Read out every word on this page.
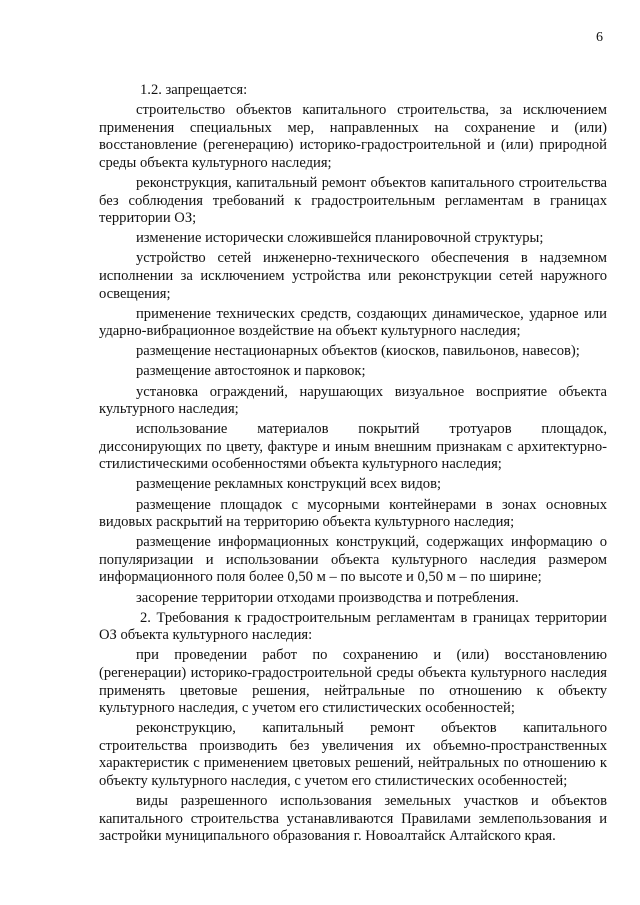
6

1.2. запрещается:

строительство объектов капитального строительства, за исключением применения специальных мер, направленных на сохранение и (или) восстановление (регенерацию) историко-градостроительной и (или) природной среды объекта культурного наследия;

реконструкция, капитальный ремонт объектов капитального строительства без соблюдения требований к градостроительным регламентам в границах территории ОЗ;

изменение исторически сложившейся планировочной структуры;

устройство сетей инженерно-технического обеспечения в надземном исполнении за исключением устройства или реконструкции сетей наружного освещения;

применение технических средств, создающих динамическое, ударное или ударно-вибрационное воздействие на объект культурного наследия;

размещение нестационарных объектов (киосков, павильонов, навесов);

размещение автостоянок и парковок;

установка ограждений, нарушающих визуальное восприятие объекта культурного наследия;

использование материалов покрытий тротуаров площадок, диссонирующих по цвету, фактуре и иным внешним признакам с архитектурно-стилистическими особенностями объекта культурного наследия;

размещение рекламных конструкций всех видов;

размещение площадок с мусорными контейнерами в зонах основных видовых раскрытий на территорию объекта культурного наследия;

размещение информационных конструкций, содержащих информацию о популяризации и использовании объекта культурного наследия размером информационного поля более 0,50 м – по высоте и 0,50 м – по ширине;

засорение территории отходами производства и потребления.

2. Требования к градостроительным регламентам в границах территории ОЗ объекта культурного наследия:

при проведении работ по сохранению и (или) восстановлению (регенерации) историко-градостроительной среды объекта культурного наследия применять цветовые решения, нейтральные по отношению к объекту культурного наследия, с учетом его стилистических особенностей;

реконструкцию, капитальный ремонт объектов капитального строительства производить без увеличения их объемно-пространственных характеристик с применением цветовых решений, нейтральных по отношению к объекту культурного наследия, с учетом его стилистических особенностей;

виды разрешенного использования земельных участков и объектов капитального строительства устанавливаются Правилами землепользования и застройки муниципального образования г. Новоалтайск Алтайского края.
